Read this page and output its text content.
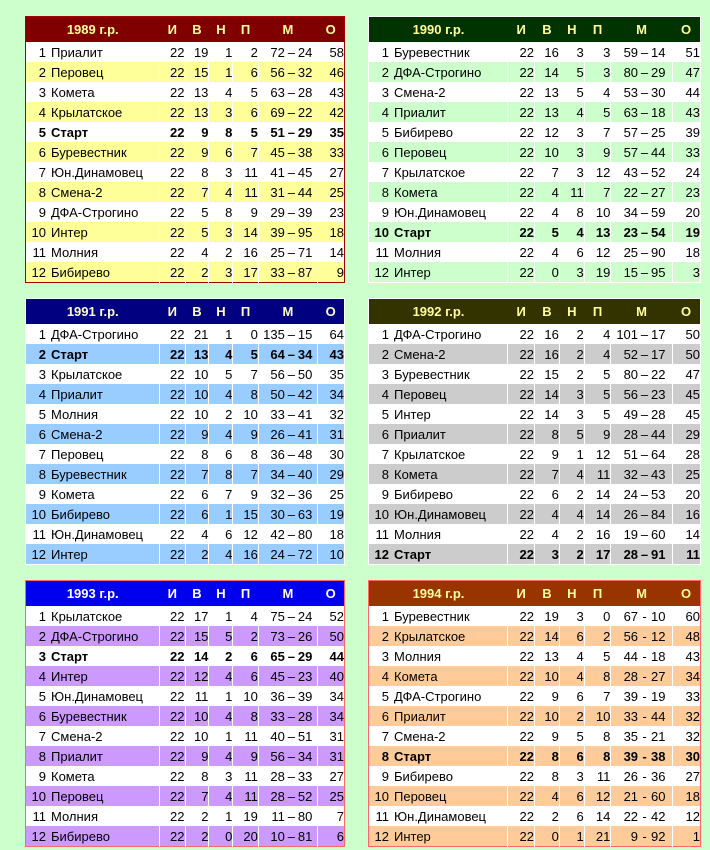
1989 г.р.	И	В	Н	П	М	О
1 Приалит	22	19	1	2	72 – 24	58
2 Перовец	22	15	1	6	56 – 32	46
3 Комета	22	13	4	5	63 – 28	43
4 Крылатское	22	13	3	6	69 – 22	42
5 Старт	22	9	8	5	51 – 29	35
6 Буревестник	22	9	6	7	45 – 38	33
7 Юн.Динамовец	22	8	3	11	41 – 45	27
8 Смена-2	22	7	4	11	31 – 44	25
9 ДФА-Строгино	22	5	8	9	29 – 39	23
10 Интер	22	5	3	14	39 – 95	18
11 Молния	22	4	2	16	25 – 71	14
12 Бибирево	22	2	3	17	33 – 87	9
1990 г.р.	И	В	Н	П	М	О
1 Буревестник	22	16	3	3	59 – 14	51
2 ДФА-Строгино	22	14	5	3	80 – 29	47
3 Смена-2	22	13	5	4	53 – 30	44
4 Приалит	22	13	4	5	63 – 18	43
5 Бибирево	22	12	3	7	57 – 25	39
6 Перовец	22	10	3	9	57 – 44	33
7 Крылатское	22	7	3	12	43 – 52	24
8 Комета	22	4	11	7	22 – 27	23
9 Юн.Динамовец	22	4	8	10	34 – 59	20
10 Старт	22	5	4	13	23 – 54	19
11 Молния	22	4	6	12	25 – 90	18
12 Интер	22	0	3	19	15 – 95	3
1991 г.р.	И	В	Н	П	М	О
1 ДФА-Строгино	22	21	1	0	135 – 15	64
2 Старт	22	13	4	5	64 – 34	43
3 Крылатское	22	10	5	7	56 – 50	35
4 Приалит	22	10	4	8	50 – 42	34
5 Молния	22	10	2	10	33 – 41	32
6 Смена-2	22	9	4	9	26 – 41	31
7 Перовец	22	8	6	8	36 – 48	30
8 Буревестник	22	7	8	7	34 – 40	29
9 Комета	22	6	7	9	32 – 36	25
10 Бибирево	22	6	1	15	30 – 63	19
11 Юн.Динамовец	22	4	6	12	42 – 80	18
12 Интер	22	2	4	16	24 – 72	10
1992 г.р.	И	В	Н	П	М	О
1 ДФА-Строгино	22	16	2	4	101 – 17	50
2 Смена-2	22	16	2	4	52 – 17	50
3 Буревестник	22	15	2	5	80 – 22	47
4 Перовец	22	14	3	5	56 – 23	45
5 Интер	22	14	3	5	49 – 28	45
6 Приалит	22	8	5	9	28 – 44	29
7 Крылатское	22	9	1	12	51 – 64	28
8 Комета	22	7	4	11	32 – 43	25
9 Бибирево	22	6	2	14	24 – 53	20
10 Юн.Динамовец	22	4	4	14	26 – 84	16
11 Молния	22	4	2	16	19 – 60	14
12 Старт	22	3	2	17	28 – 91	11
1993 г.р.	И	В	Н	П	М	О
1 Крылатское	22	17	1	4	75 – 24	52
2 ДФА-Строгино	22	15	5	2	73 – 26	50
3 Старт	22	14	2	6	65 – 29	44
4 Интер	22	12	4	6	45 – 23	40
5 Юн.Динамовец	22	11	1	10	36 – 39	34
6 Буревестник	22	10	4	8	33 – 28	34
7 Смена-2	22	10	1	11	40 – 51	31
8 Приалит	22	9	4	9	56 – 34	31
9 Комета	22	8	3	11	28 – 33	27
10 Перовец	22	7	4	11	28 – 52	25
11 Молния	22	2	1	19	11 – 80	7
12 Бибирево	22	2	0	20	10 – 81	6
1994 г.р.	И	В	Н	П	М	О
1 Буревестник	22	19	3	0	67 - 10	60
2 Крылатское	22	14	6	2	56 - 12	48
3 Молния	22	13	4	5	44 - 18	43
4 Комета	22	10	4	8	28 - 27	34
5 ДФА-Строгино	22	9	6	7	39 - 19	33
6 Приалит	22	10	2	10	33 - 44	32
7 Смена-2	22	9	5	8	35 - 21	32
8 Старт	22	8	6	8	39 - 38	30
9 Бибирево	22	8	3	11	26 - 36	27
10 Перовец	22	4	6	12	21 - 60	18
11 Юн.Динамовец	22	2	6	14	22 - 42	12
12 Интер	22	0	1	21	9 - 92	1
